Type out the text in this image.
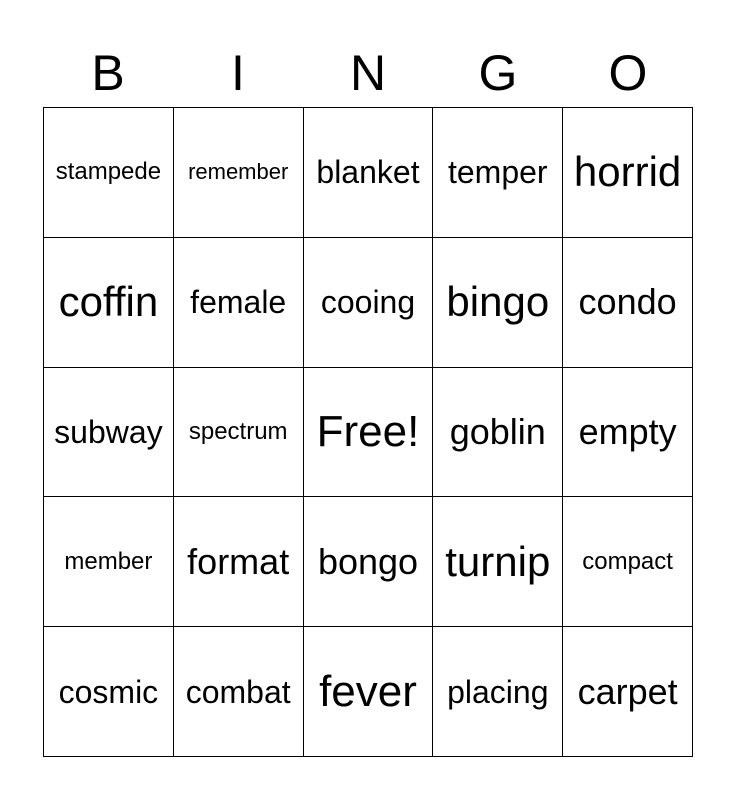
B	I	N	G	O
stampede	remember blanket temper horrid
coffin female	cooing bingo condo
subway	spectrum Free! goblin empty
member format bongo turnip	compact
cosmic combat fever placing carpet
